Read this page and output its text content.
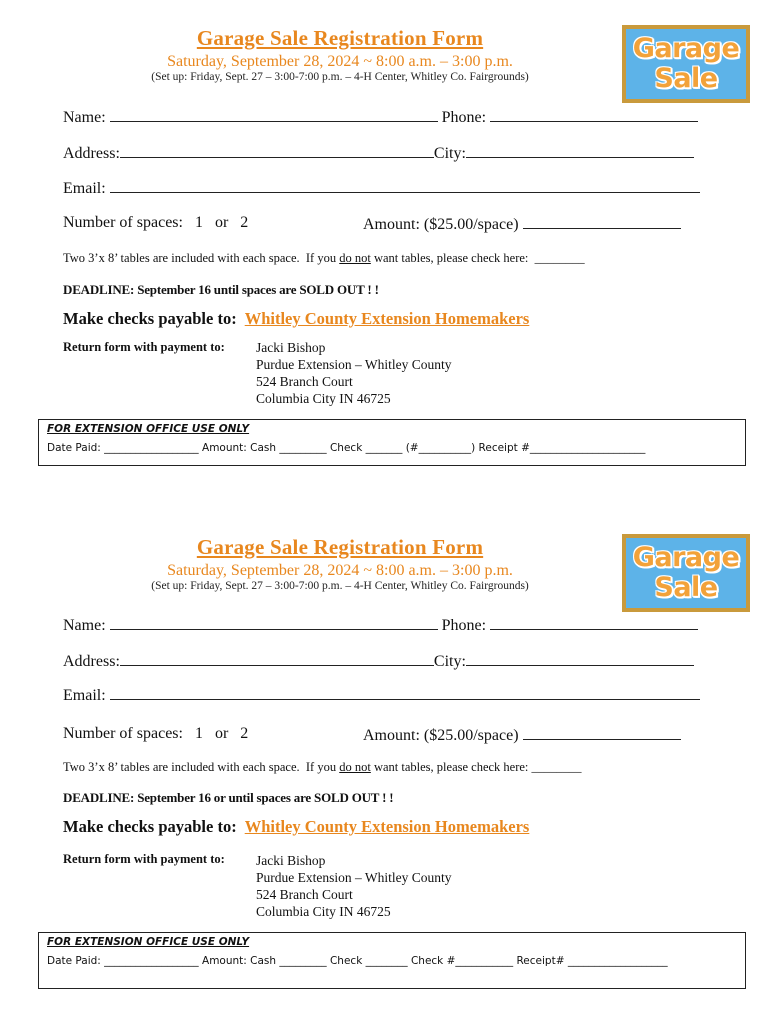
Garage Sale Registration Form
Saturday, September 28, 2024 ~ 8:00 a.m. – 3:00 p.m.
(Set up: Friday, Sept. 27 – 3:00-7:00 p.m. – 4-H Center, Whitley Co. Fairgrounds)
Garage
Sale
Name:	Phone:
Address:	City:
Email:
Number of spaces:   1   or   2	Amount: ($25.00/space)
Two 3’x 8’ tables are included with each space.  If you do not want tables, please check here:  ________
DEADLINE: September 16 until spaces are SOLD OUT ! !
Make checks payable to: Whitley County Extension Homemakers
Return form with payment to: Jacki Bishop
Purdue Extension – Whitley County
524 Branch Court
Columbia City IN 46725
FOR EXTENSION OFFICE USE ONLY
Date Paid: __________________ Amount: Cash _________ Check _______ (#__________) Receipt #______________________
Garage Sale Registration Form
Saturday, September 28, 2024 ~ 8:00 a.m. – 3:00 p.m.
(Set up: Friday, Sept. 27 – 3:00-7:00 p.m. – 4-H Center, Whitley Co. Fairgrounds)
Garage
Sale
Name:	Phone:
Address:	City:
Email:
Number of spaces:   1   or   2	Amount: ($25.00/space)
Two 3’x 8’ tables are included with each space.  If you do not want tables, please check here: ________
DEADLINE: September 16 or until spaces are SOLD OUT ! !
Make checks payable to: Whitley County Extension Homemakers
Return form with payment to: Jacki Bishop
Purdue Extension – Whitley County
524 Branch Court
Columbia City IN 46725
FOR EXTENSION OFFICE USE ONLY
Date Paid: __________________ Amount: Cash _________ Check ________ Check #___________ Receipt# ___________________
